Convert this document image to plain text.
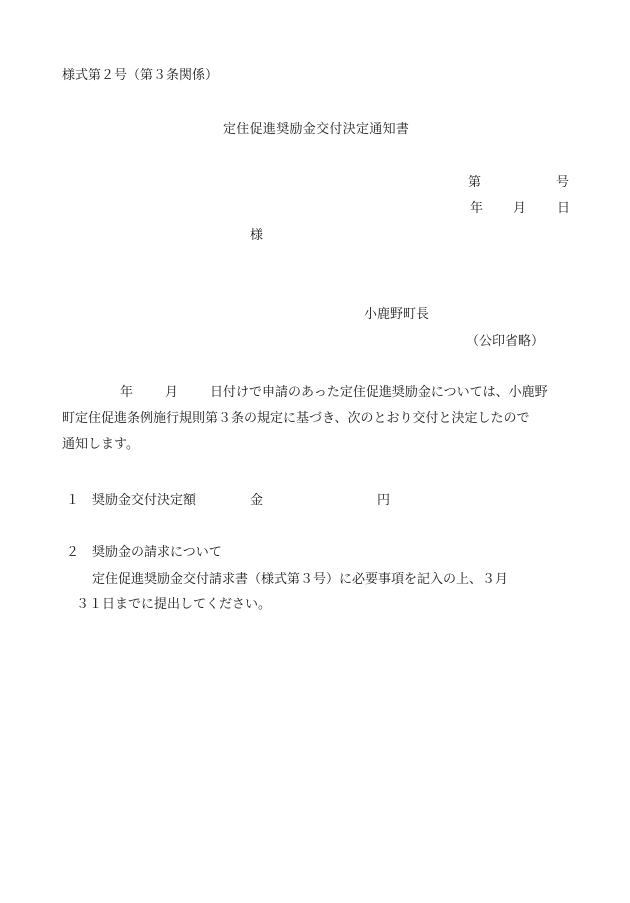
様式第２号（第３条関係）
定住促進奨励金交付決定通知書
第	号
年 月 日
様
小鹿野町長
（公印省略）
年 月 日付けで申請のあった定住促進奨励金については、小鹿野
町定住促進条例施行規則第３条の規定に基づき、次のとおり交付と決定したので
通知します。
１ 奨励金交付決定額	金	円
２ 奨励金の請求について
定住促進奨励金交付請求書（様式第３号）に必要事項を記入の上、３月
３１日までに提出してください。
